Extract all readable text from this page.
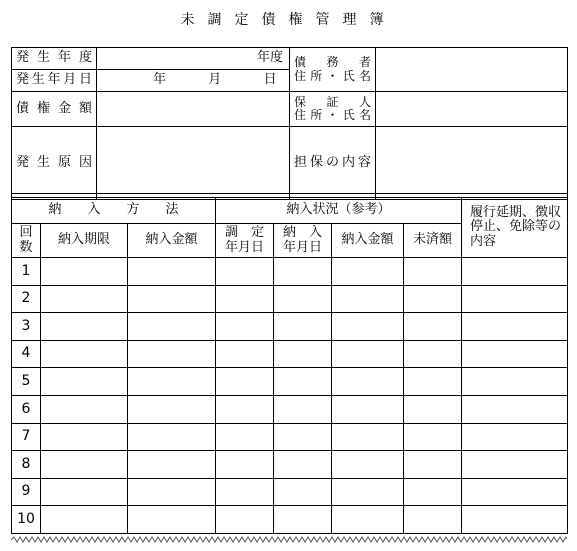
未調定債権管理簿
発生年度	年度	債　務　者
住所・氏名	

発生年月日	年 月 日		
債権金額		保　証　人
住所・氏名	

発生原因		担保の内容	
納　　入　　方　　法			納入状況（参考）				履行延期、徴収停止、免除等の内容
回数	納入期限	納入金額	調　定年月日	納　入年月日	納入金額	未済額	
1							
2							
3							
4							
5							
6							
7							
8							
9							
10							
